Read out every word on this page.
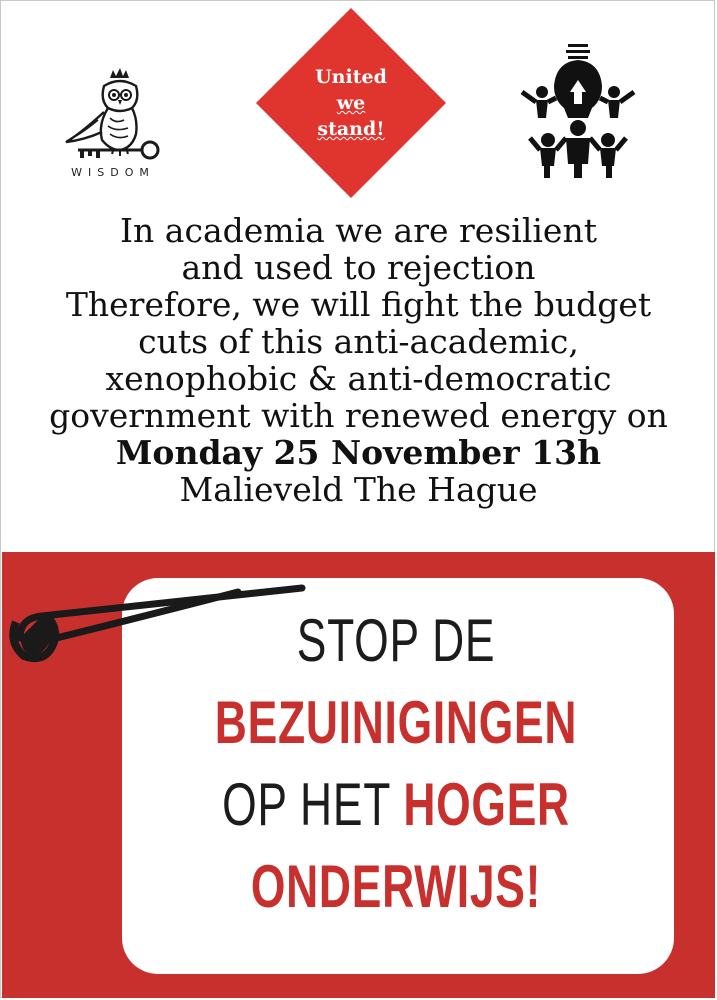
WISDOM
United
we
stand!
In academia we are resilient
and used to rejection
Therefore, we will fight the budget
cuts of this anti-academic,
xenophobic & anti-democratic
government with renewed energy on
Monday 25 November 13h
Malieveld The Hague
STOP DE
BEZUINIGINGEN
OP HET HOGER
ONDERWIJS!
